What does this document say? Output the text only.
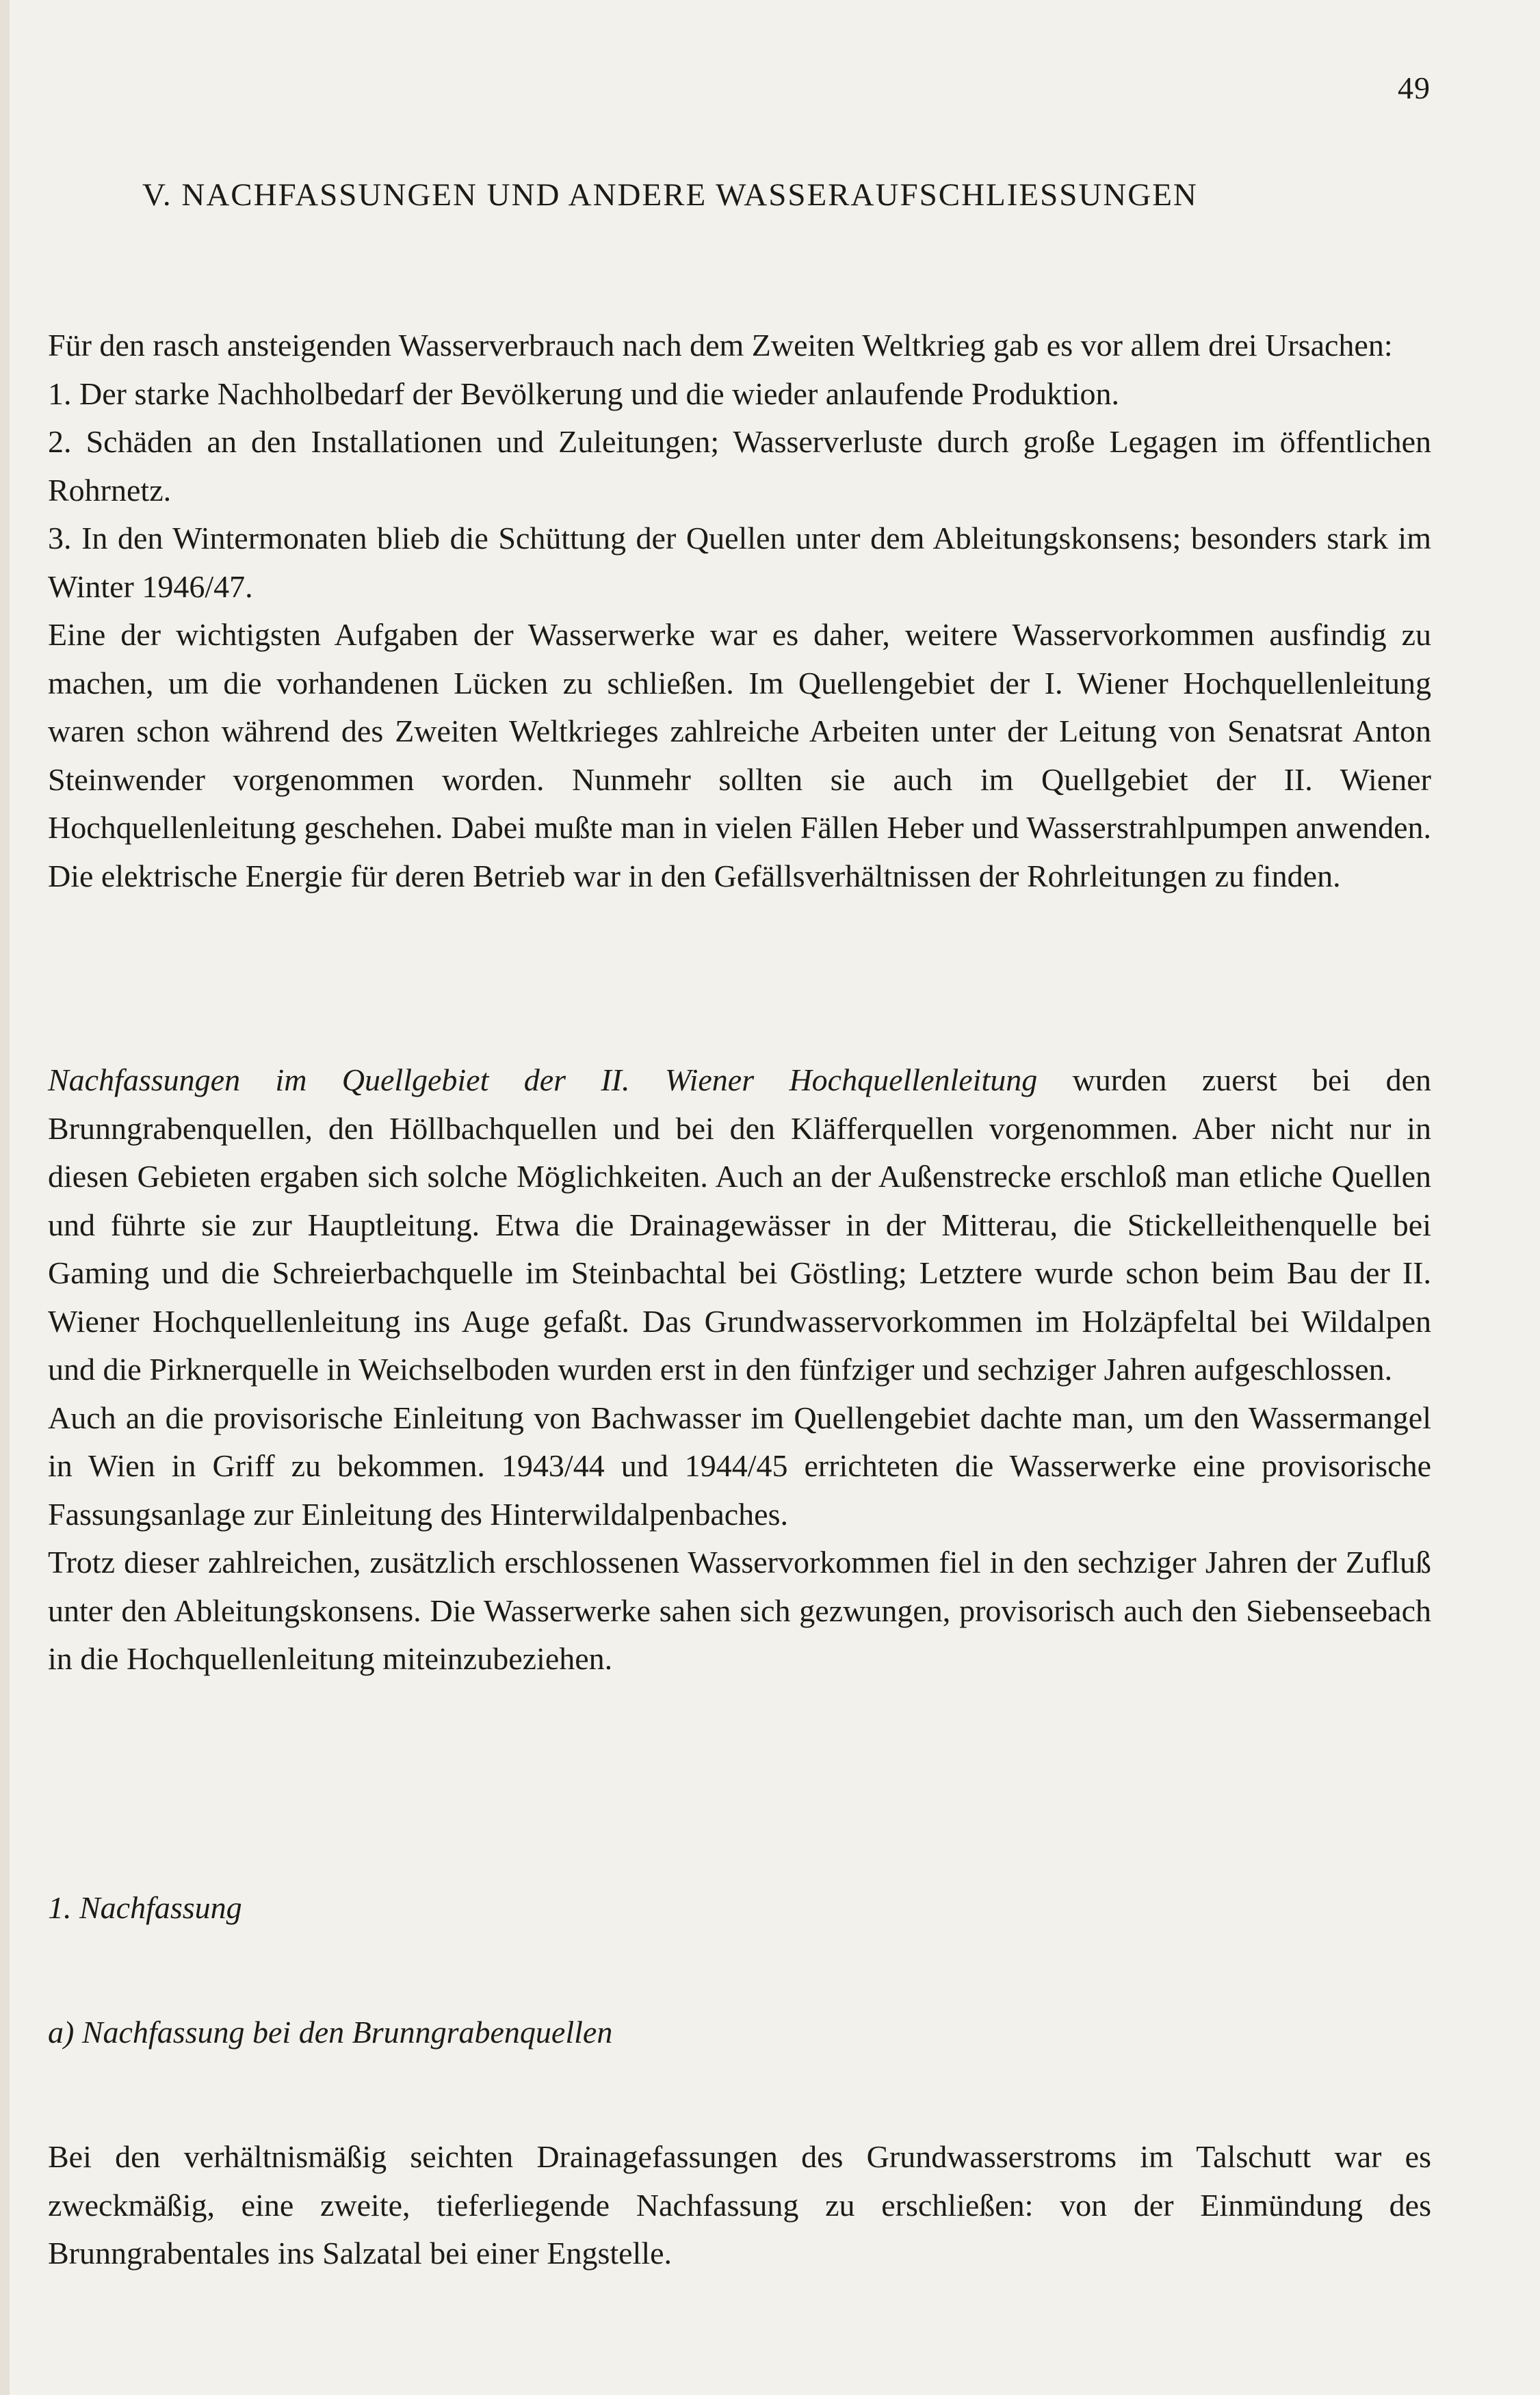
49
V. NACHFASSUNGEN UND ANDERE WASSERAUFSCHLIESSUNGEN

Für den rasch ansteigenden Wasserverbrauch nach dem Zweiten Weltkrieg gab es vor allem drei Ursachen:

1. Der starke Nachholbedarf der Bevölkerung und die wieder anlaufende Produktion.

2. Schäden an den Installationen und Zuleitungen; Wasserverluste durch große Legagen im öffentlichen Rohrnetz.

3. In den Wintermonaten blieb die Schüttung der Quellen unter dem Ableitungskonsens; besonders stark im Winter 1946/47.

Eine der wichtigsten Aufgaben der Wasserwerke war es daher, weitere Wasservorkommen ausfindig zu machen, um die vorhandenen Lücken zu schließen. Im Quellengebiet der I. Wiener Hochquellenleitung waren schon während des Zweiten Weltkrieges zahlreiche Arbeiten unter der Leitung von Senatsrat Anton Steinwender vorgenommen worden. Nunmehr sollten sie auch im Quellgebiet der II. Wiener Hochquellenleitung geschehen. Dabei mußte man in vielen Fällen Heber und Wasserstrahlpumpen anwenden. Die elektrische Energie für deren Betrieb war in den Gefällsverhältnissen der Rohrleitungen zu finden.

Nachfassungen im Quellgebiet der II. Wiener Hochquellenleitung wurden zuerst bei den Brunngrabenquellen, den Höllbachquellen und bei den Kläfferquellen vorgenommen. Aber nicht nur in diesen Gebieten ergaben sich solche Möglichkeiten. Auch an der Außenstrecke erschloß man etliche Quellen und führte sie zur Hauptleitung. Etwa die Drainagewässer in der Mitterau, die Stickelleithenquelle bei Gaming und die Schreierbachquelle im Steinbachtal bei Göstling; Letztere wurde schon beim Bau der II. Wiener Hochquellenleitung ins Auge gefaßt. Das Grundwasservorkommen im Holzäpfeltal bei Wildalpen und die Pirknerquelle in Weichselboden wurden erst in den fünfziger und sechziger Jahren aufgeschlossen.

Auch an die provisorische Einleitung von Bachwasser im Quellengebiet dachte man, um den Wassermangel in Wien in Griff zu bekommen. 1943/44 und 1944/45 errichteten die Wasserwerke eine provisorische Fassungsanlage zur Einleitung des Hinterwildalpenbaches.

Trotz dieser zahlreichen, zusätzlich erschlossenen Wasservorkommen fiel in den sechziger Jahren der Zufluß unter den Ableitungskonsens. Die Wasserwerke sahen sich gezwungen, provisorisch auch den Siebenseebach in die Hochquellenleitung miteinzubeziehen.

1. Nachfassung
a) Nachfassung bei den Brunngrabenquellen

Bei den verhältnismäßig seichten Drainagefassungen des Grundwasserstroms im Talschutt war es zweckmäßig, eine zweite, tieferliegende Nachfassung zu erschließen: von der Einmündung des Brunngrabentales ins Salzatal bei einer Engstelle.
